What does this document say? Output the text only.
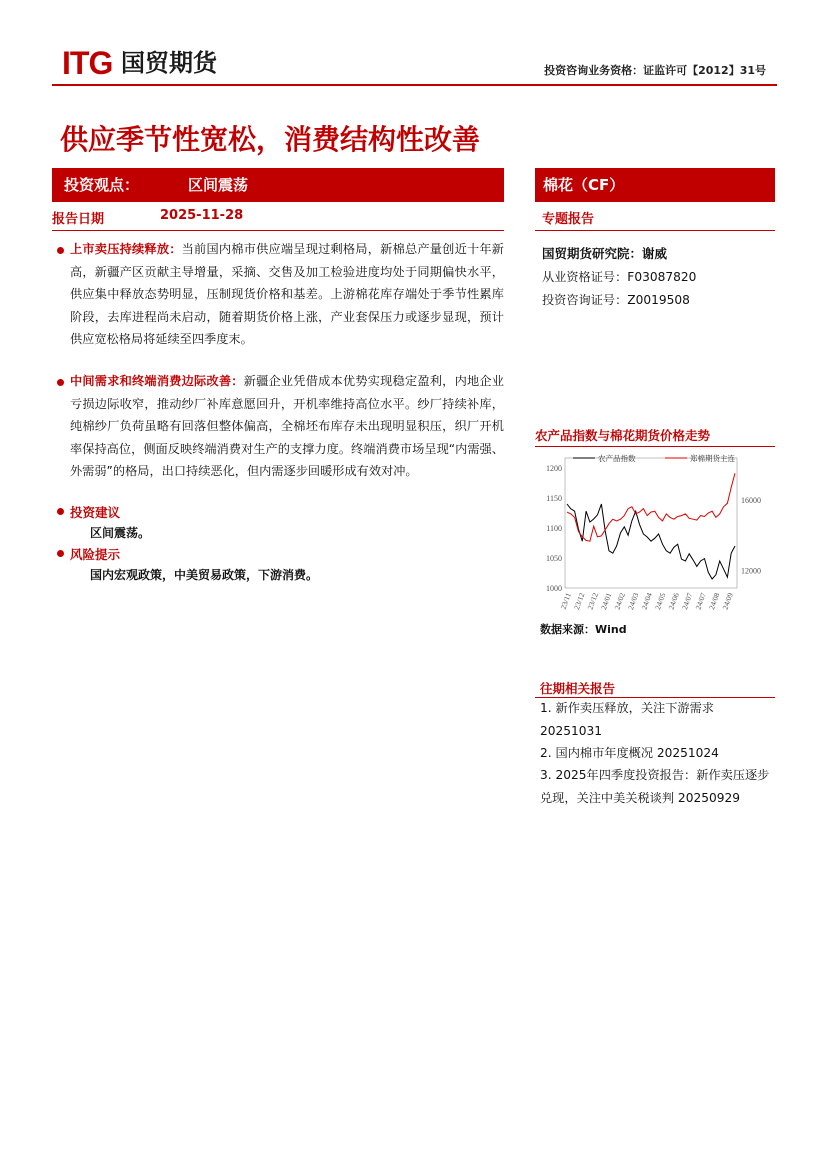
ITG 国贸期货	投资咨询业务资格：证监许可【2012】31号
供应季节性宽松，消费结构性改善
投资观点：	区间震荡	棉花（CF）
报告日期	2025-11-28	专题报告
上市卖压持续释放：当前国内棉市供应端呈现过剩格局，新棉总产量创近十年新高，新疆产区贡献主导增量，采摘、交售及加工检验进度均处于同期偏快水平，供应集中释放态势明显，压制现货价格和基差。上游棉花库存端处于季节性累库阶段，去库进程尚未启动，随着期货价格上涨，产业套保压力或逐步显现，预计供应宽松格局将延续至四季度末。
中间需求和终端消费边际改善：新疆企业凭借成本优势实现稳定盈利，内地企业亏损边际收窄，推动纱厂补库意愿回升，开机率维持高位水平。纱厂持续补库，纯棉纱厂负荷虽略有回落但整体偏高，全棉坯布库存未出现明显积压，织厂开机率保持高位，侧面反映终端消费对生产的支撑力度。终端消费市场呈现“内需强、外需弱”的格局，出口持续恶化，但内需逐步回暖形成有效对冲。
投资建议
区间震荡。
风险提示
国内宏观政策，中美贸易政策，下游消费。
国贸期货研究院：谢威
从业资格证号：F03087820
投资咨询证号：Z0019508
农产品指数与棉花期货价格走势
1200
1150
1100
1050
1000
16000
12000
23/11 23/12 23/12 24/01 24/02 24/03 24/04 24/05 24/06 24/07 24/07 24/08 24/09
农产品指数	郑棉期货主连
数据来源：Wind
往期相关报告
1. 新作卖压释放，关注下游需求 20251031
2. 国内棉市年度概况 20251024
3. 2025年四季度投资报告：新作卖压逐步兑现，关注中美关税谈判 20250929
